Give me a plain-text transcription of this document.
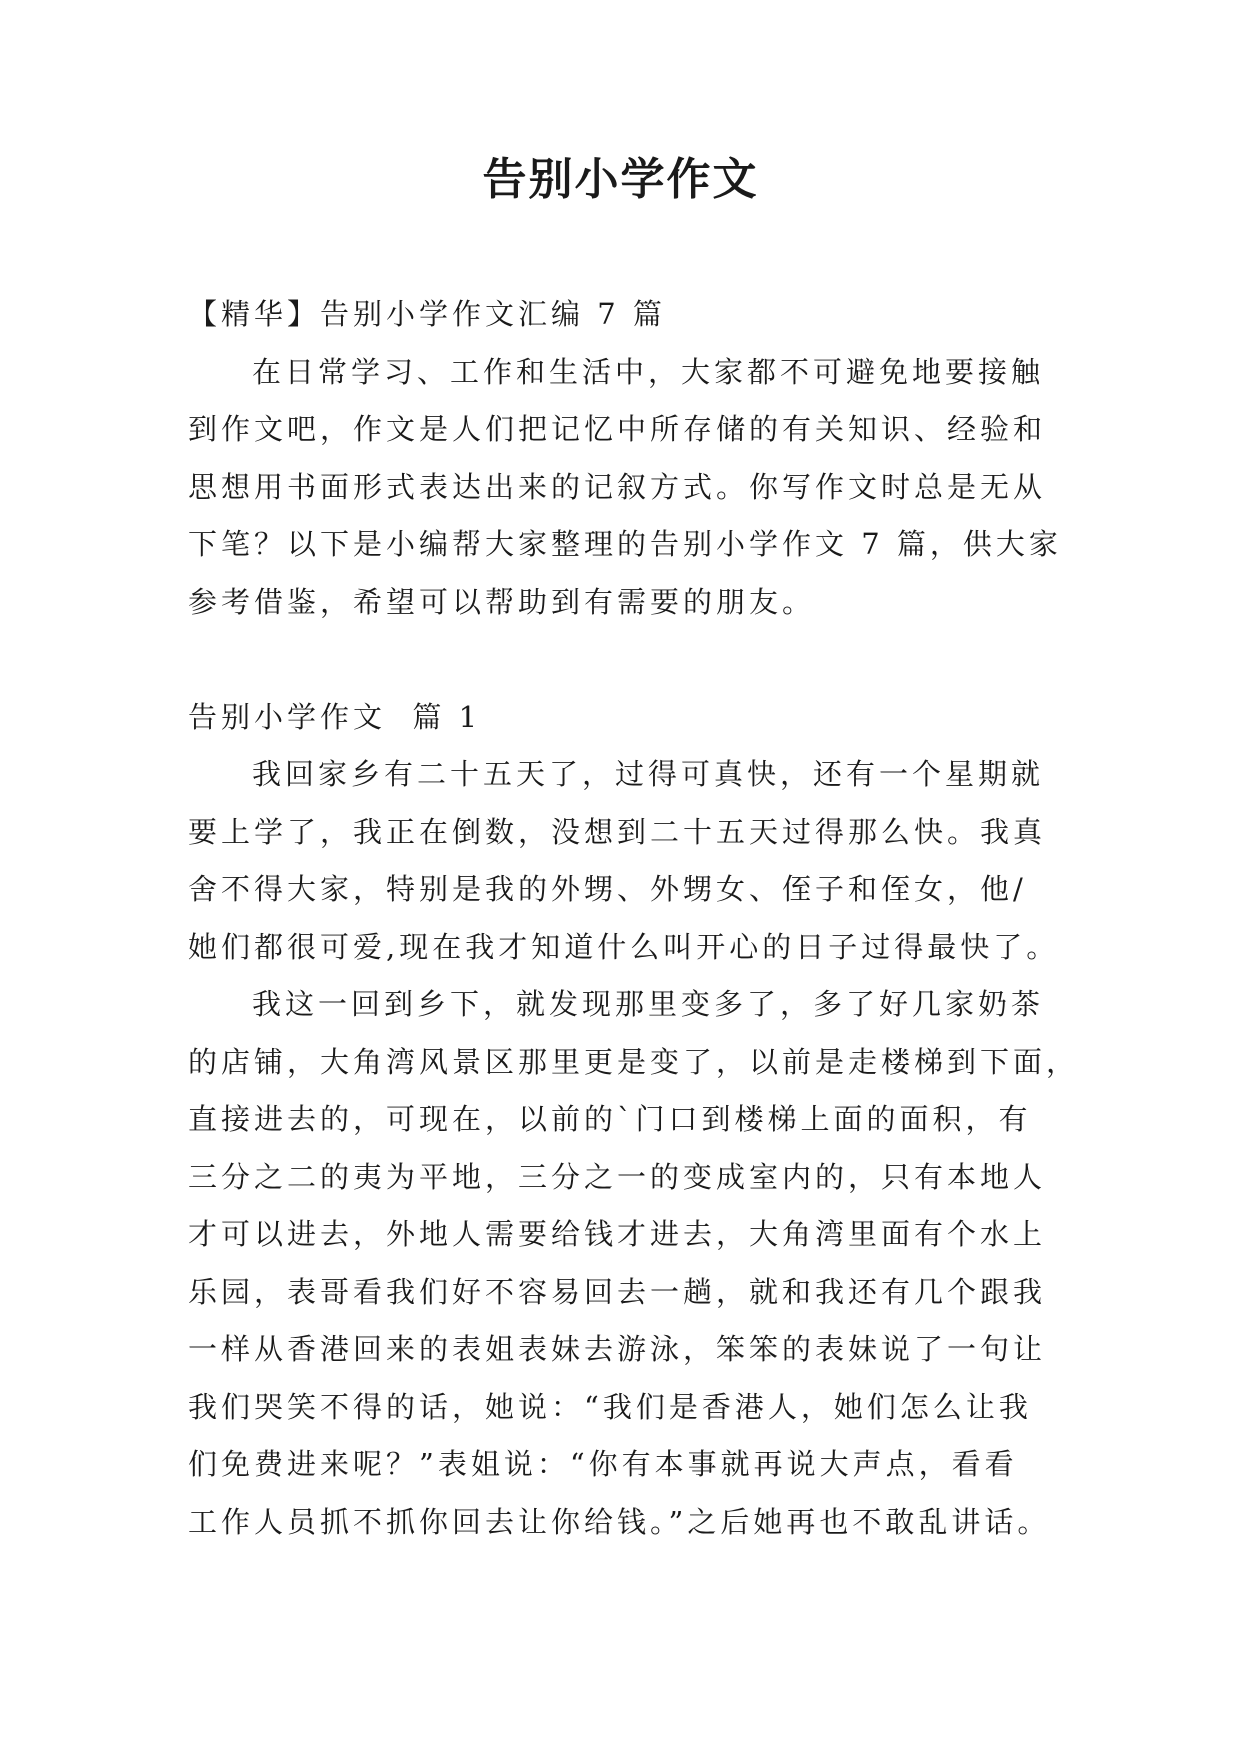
告别小学作文
【精华】告别小学作文汇编 7 篇
在日常学习、工作和生活中，大家都不可避免地要接触
到作文吧，作文是人们把记忆中所存储的有关知识、经验和
思想用书面形式表达出来的记叙方式。你写作文时总是无从
下笔？以下是小编帮大家整理的告别小学作文 7 篇，供大家
参考借鉴，希望可以帮助到有需要的朋友。
告别小学作文  篇 1
我回家乡有二十五天了，过得可真快，还有一个星期就
要上学了，我正在倒数，没想到二十五天过得那么快。我真
舍不得大家，特别是我的外甥、外甥女、侄子和侄女，他/
她们都很可爱,现在我才知道什么叫开心的日子过得最快了。
我这一回到乡下，就发现那里变多了，多了好几家奶茶
的店铺，大角湾风景区那里更是变了，以前是走楼梯到下面，
直接进去的，可现在，以前的`门口到楼梯上面的面积，有
三分之二的夷为平地，三分之一的变成室内的，只有本地人
才可以进去，外地人需要给钱才进去，大角湾里面有个水上
乐园，表哥看我们好不容易回去一趟，就和我还有几个跟我
一样从香港回来的表姐表妹去游泳，笨笨的表妹说了一句让
我们哭笑不得的话，她说：“我们是香港人，她们怎么让我
们免费进来呢？”表姐说：“你有本事就再说大声点，看看
工作人员抓不抓你回去让你给钱。”之后她再也不敢乱讲话。
